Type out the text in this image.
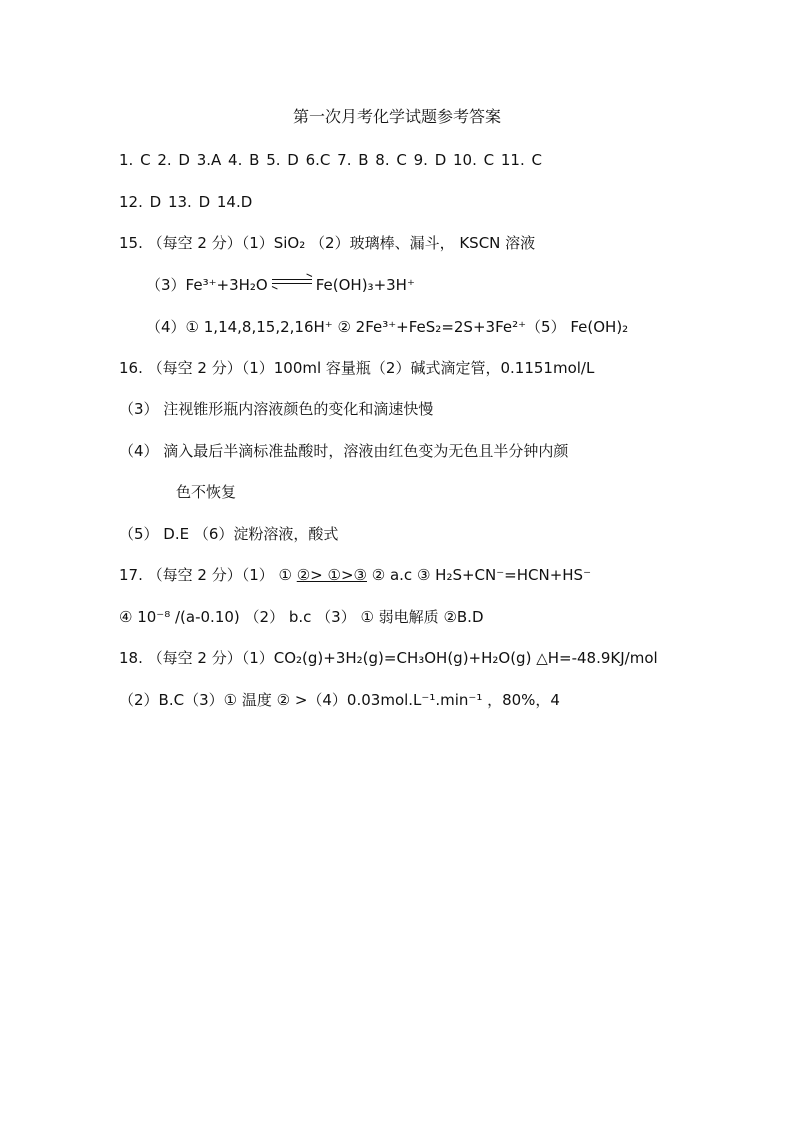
第一次月考化学试题参考答案
1. C 2. D 3.A 4. B 5. D 6.C 7. B 8. C 9. D 10. C 11. C
12. D 13. D 14.D
15. （每空 2 分）（1）SiO₂ （2）玻璃棒、漏斗， KSCN 溶液
（3）Fe³⁺+3H₂O	Fe(OH)₃+3H⁺
（4）① 1,14,8,15,2,16H⁺ ② 2Fe³⁺+FeS₂=2S+3Fe²⁺（5） Fe(OH)₂
16. （每空 2 分）（1）100ml 容量瓶（2）碱式滴定管，0.1151mol/L
（3） 注视锥形瓶内溶液颜色的变化和滴速快慢
（4） 滴入最后半滴标准盐酸时，溶液由红色变为无色且半分钟内颜
色不恢复
（5） D.E （6）淀粉溶液，酸式
17. （每空 2 分）（1） ① ②> ①>③ ② a.c ③ H₂S+CN⁻=HCN+HS⁻
④ 10⁻⁸ /(a-0.10) （2） b.c （3） ① 弱电解质 ②B.D
18. （每空 2 分）（1）CO₂(g)+3H₂(g)=CH₃OH(g)+H₂O(g) △H=-48.9KJ/mol
（2）B.C（3）① 温度 ② >（4）0.03mol.L⁻¹.min⁻¹ ，80%，4
